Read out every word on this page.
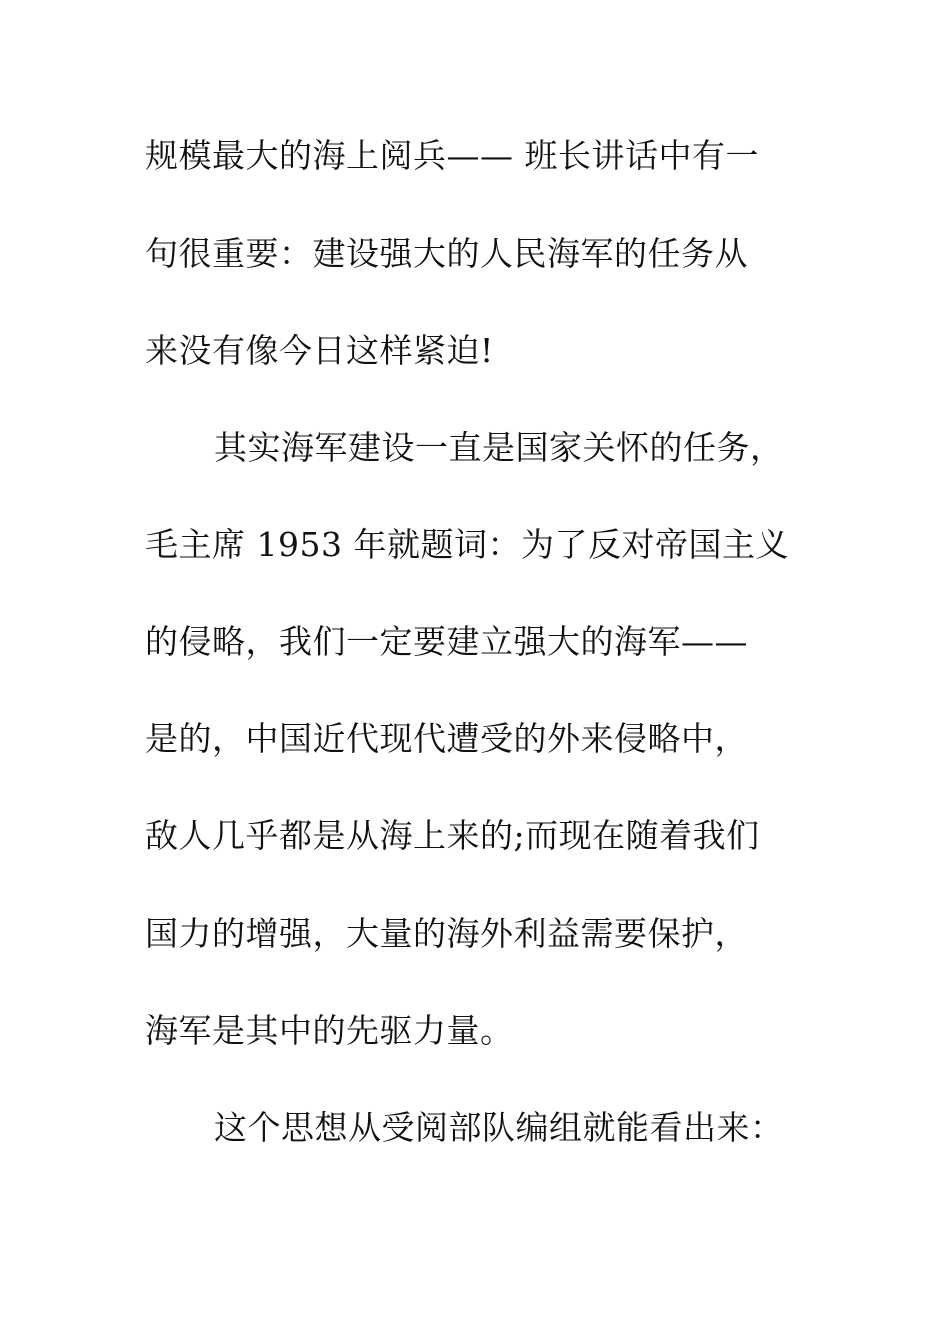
规模最大的海上阅兵—— 班长讲话中有一
句很重要：建设强大的人民海军的任务从
来没有像今日这样紧迫!
其实海军建设一直是国家关怀的任务，
毛主席 1953 年就题词：为了反对帝国主义
的侵略，我们一定要建立强大的海军——
是的，中国近代现代遭受的外来侵略中，
敌人几乎都是从海上来的;而现在随着我们
国力的增强，大量的海外利益需要保护，
海军是其中的先驱力量。
这个思想从受阅部队编组就能看出来：
